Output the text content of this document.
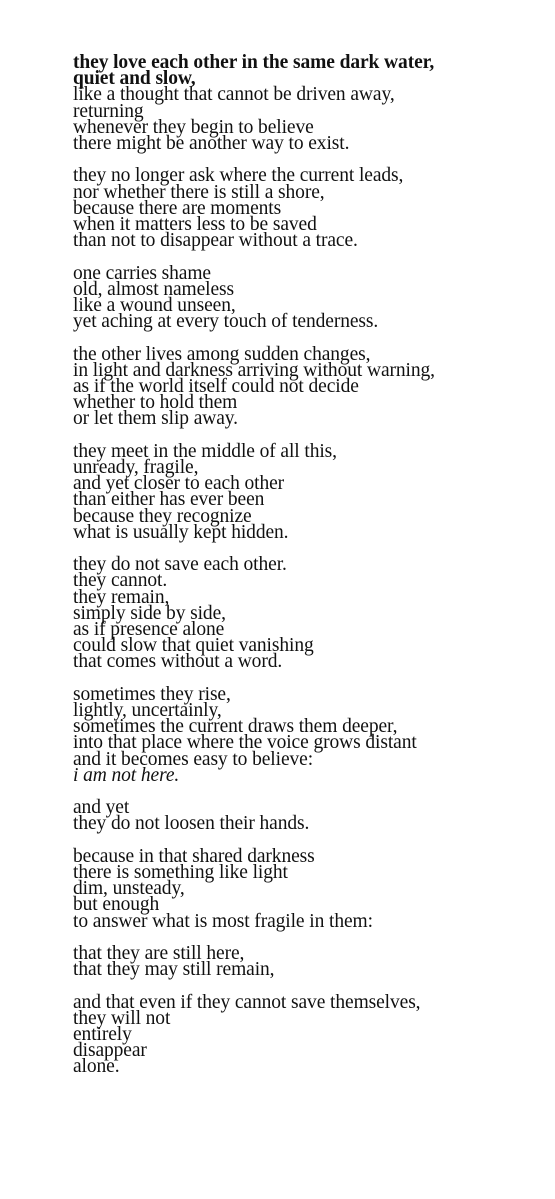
they love each other in the same dark water,
quiet and slow,
like a thought that cannot be driven away,
returning
whenever they begin to believe
there might be another way to exist.
they no longer ask where the current leads,
nor whether there is still a shore,
because there are moments
when it matters less to be saved
than not to disappear without a trace.
one carries shame
old, almost nameless
like a wound unseen,
yet aching at every touch of tenderness.
the other lives among sudden changes,
in light and darkness arriving without warning,
as if the world itself could not decide
whether to hold them
or let them slip away.
they meet in the middle of all this,
unready, fragile,
and yet closer to each other
than either has ever been
because they recognize
what is usually kept hidden.
they do not save each other.
they cannot.
they remain,
simply side by side,
as if presence alone
could slow that quiet vanishing
that comes without a word.
sometimes they rise,
lightly, uncertainly,
sometimes the current draws them deeper,
into that place where the voice grows distant
and it becomes easy to believe:
i am not here.
and yet
they do not loosen their hands.
because in that shared darkness
there is something like light
dim, unsteady,
but enough
to answer what is most fragile in them:
that they are still here,
that they may still remain,
and that even if they cannot save themselves,
they will not
entirely
disappear
alone.
